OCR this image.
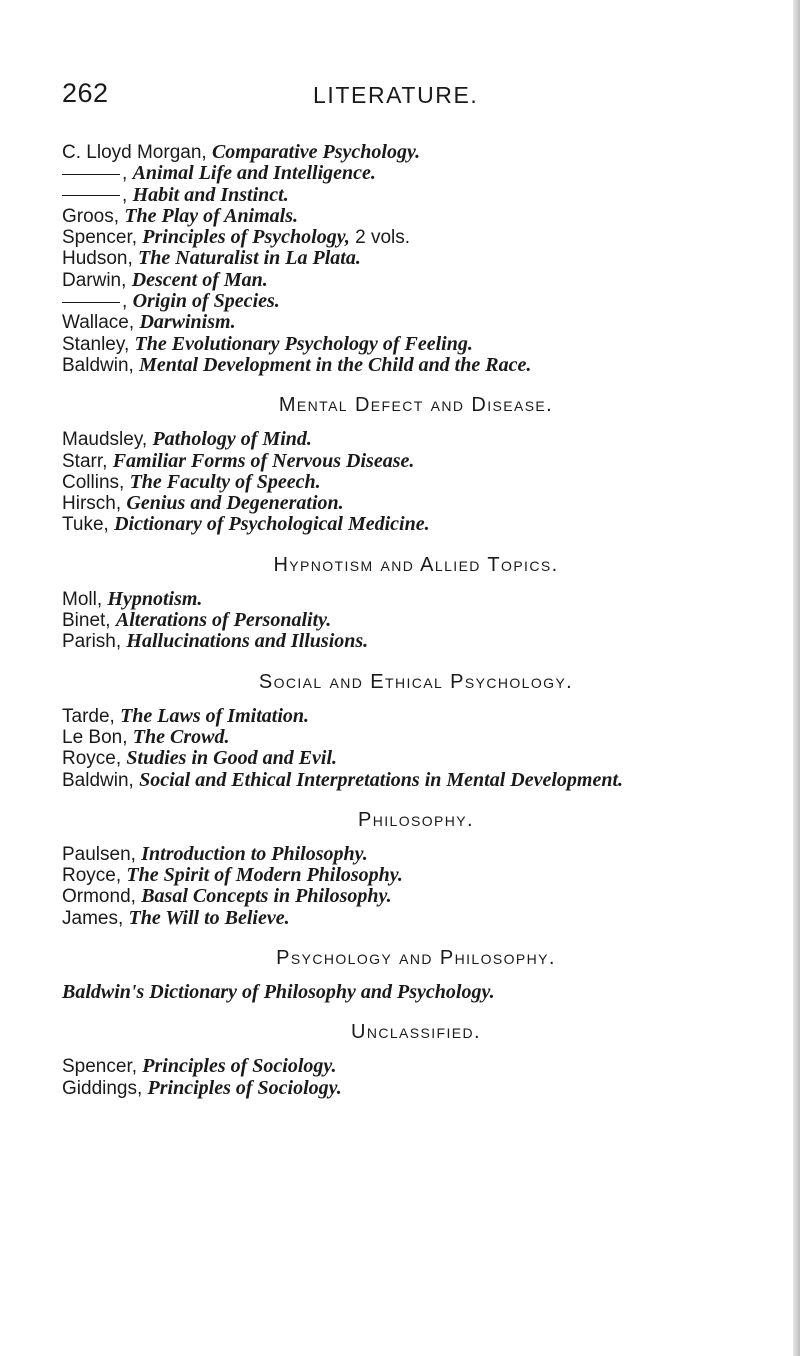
262	LITERATURE.
C. Lloyd Morgan, Comparative Psychology.
, Animal Life and Intelligence.
, Habit and Instinct.
Groos, The Play of Animals.
Spencer, Principles of Psychology, 2 vols.
Hudson, The Naturalist in La Plata.
Darwin, Descent of Man.
, Origin of Species.
Wallace, Darwinism.
Stanley, The Evolutionary Psychology of Feeling.
Baldwin, Mental Development in the Child and the Race.
Mental Defect and Disease.
Maudsley, Pathology of Mind.
Starr, Familiar Forms of Nervous Disease.
Collins, The Faculty of Speech.
Hirsch, Genius and Degeneration.
Tuke, Dictionary of Psychological Medicine.
Hypnotism and Allied Topics.
Moll, Hypnotism.
Binet, Alterations of Personality.
Parish, Hallucinations and Illusions.
Social and Ethical Psychology.
Tarde, The Laws of Imitation.
Le Bon, The Crowd.
Royce, Studies in Good and Evil.
Baldwin, Social and Ethical Interpretations in Mental Development.
Philosophy.
Paulsen, Introduction to Philosophy.
Royce, The Spirit of Modern Philosophy.
Ormond, Basal Concepts in Philosophy.
James, The Will to Believe.
Psychology and Philosophy.
Baldwin's Dictionary of Philosophy and Psychology.
Unclassified.
Spencer, Principles of Sociology.
Giddings, Principles of Sociology.
